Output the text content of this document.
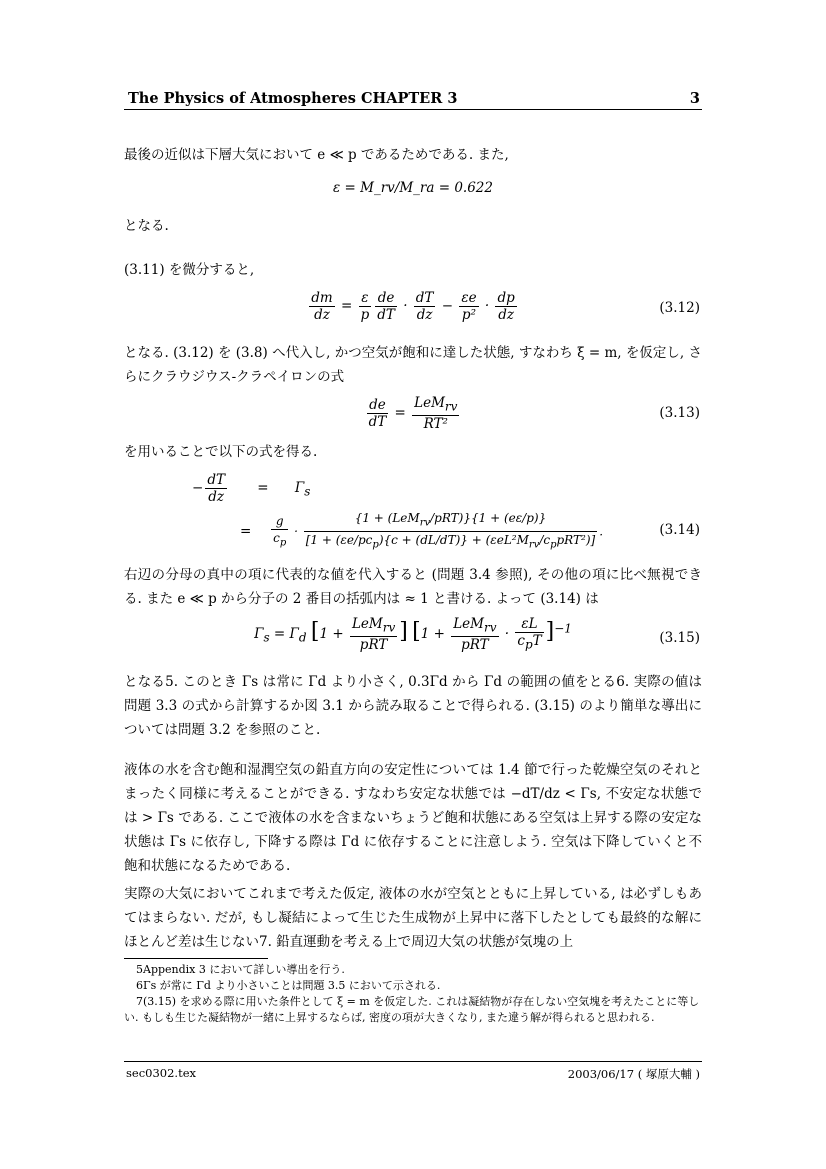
The Physics of Atmospheres CHAPTER 3	3
最後の近似は下層大気において e ≪ p であるためである. また,
ε = M_rv/M_ra = 0.622
となる.
(3.11) を微分すると,
$\frac{dm}{dz} = \frac{\varepsilon}{p} \frac{de}{dT} \cdot \frac{dT}{dz} - \frac{\varepsilon e}{\text{p²}} \cdot \frac{dp}{dz}$	(3.12)
となる. (3.12) を (3.8) へ代入し, かつ空気が飽和に達した状態, すなわち ξ = m, を仮定し, さらにクラウジウス-クラペイロンの式
$\frac{de}{dT} = \frac{LeM_{rv}}{\text{RT²}}$	(3.13)
を用いることで以下の式を得る.
− $\frac{dT}{dz} = \Gamma_s$
= $\frac{g}{c_p} \cdot \frac{\{1 + (LeM_{rv}/pRT)\}\{1 + (e\varepsilon/p)\}}{[1 + (\varepsilon e/pc_p)\{c + (dL/dT)\} + (\varepsilon eL^2M_{rv}/c_ppRT^2)]}$ .	(3.14)
右辺の分母の真中の項に代表的な値を代入すると (問題 3.4 参照), その他の項に比べ無視できる. また e ≪ p から分子の 2 番目の括弧内は ≈ 1 と書ける. よって (3.14) は
$\Gamma_s = \Gamma_d$ [$1 + \frac{LeM_{rv}}{\text{pRT}}$ ] $[1 + \frac{LeM_{rv}}{\text{pRT}} \cdot \frac{\varepsilon L}{c_pT} ]^{-1}$
(3.15)
となる5. このとき Γs は常に Γd より小さく, 0.3Γd から Γd の範囲の値をとる6. 実際の値は問題 3.3 の式から計算するか図 3.1 から読み取ることで得られる. (3.15) のより簡単な導出については問題 3.2 を参照のこと.
液体の水を含む飽和湿潤空気の鉛直方向の安定性については 1.4 節で行った乾燥空気のそれとまったく同様に考えることができる. すなわち安定な状態では −dT/dz < Γs, 不安定な状態では > Γs である. ここで液体の水を含まないちょうど飽和状態にある空気は上昇する際の安定な状態は Γs に依存し, 下降する際は Γd に依存することに注意しよう. 空気は下降していくと不飽和状態になるためである.
実際の大気においてこれまで考えた仮定, 液体の水が空気とともに上昇している, は必ずしもあてはまらない. だが, もし凝結によって生じた生成物が上昇中に落下したとしても最終的な解にほとんど差は生じない7. 鉛直運動を考える上で周辺大気の状態が気塊の上
5Appendix 3 において詳しい導出を行う.
6Γs が常に Γd より小さいことは問題 3.5 において示される.
7(3.15) を求める際に用いた条件として ξ = m を仮定した. これは凝結物が存在しない空気塊を考えたことに等しい. もしも生じた凝結物が一緒に上昇するならば, 密度の項が大きくなり, また違う解が得られると思われる.
sec0302.tex	2003/06/17 ( 塚原大輔 )
